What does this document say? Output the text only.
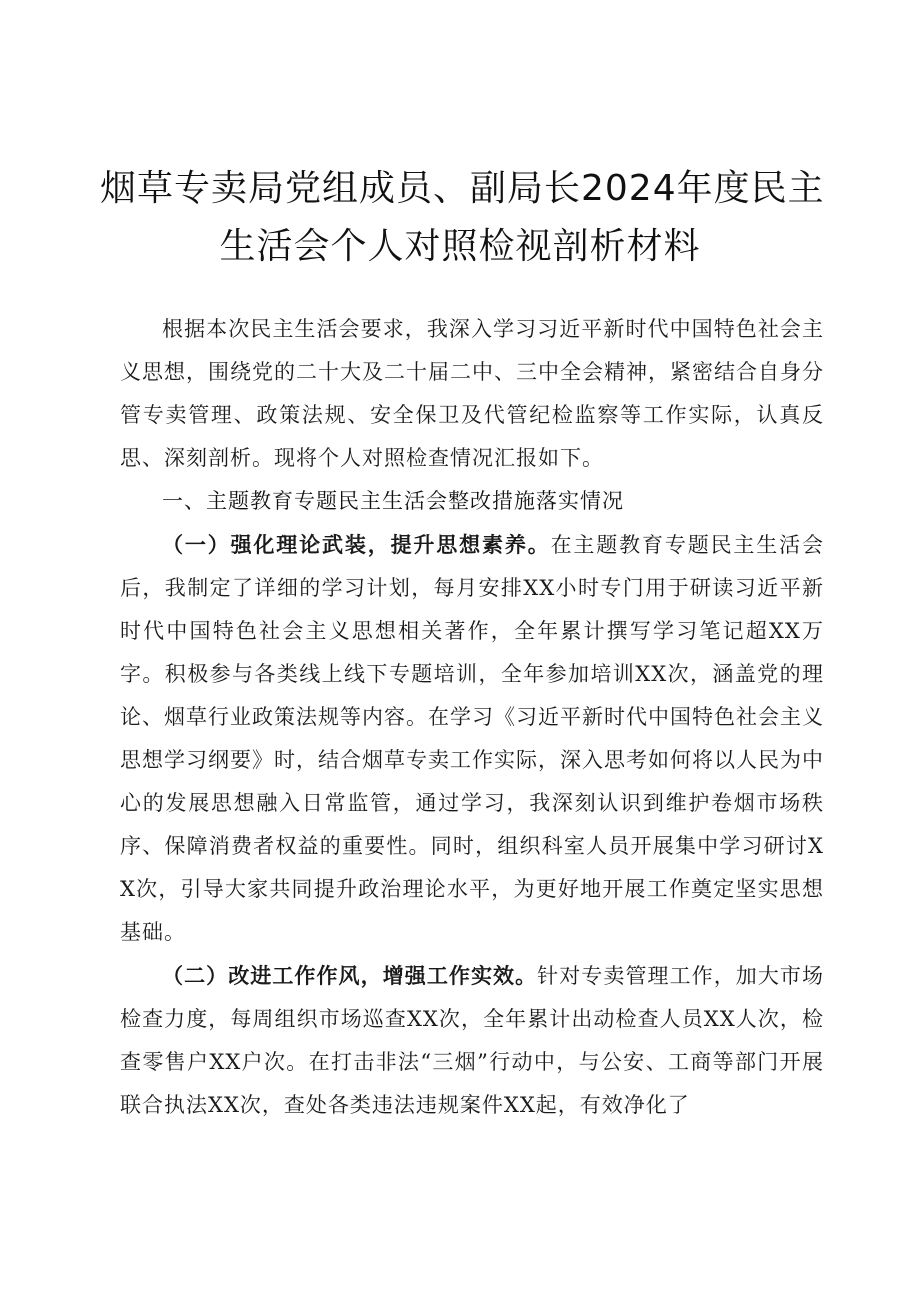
烟草专卖局党组成员、副局长2024年度民主
生活会个人对照检视剖析材料

根据本次民主生活会要求，我深入学习习近平新时代中国特色社会主义思想，围绕党的二十大及二十届二中、三中全会精神，紧密结合自身分管专卖管理、政策法规、安全保卫及代管纪检监察等工作实际，认真反思、深刻剖析。现将个人对照检查情况汇报如下。

一、主题教育专题民主生活会整改措施落实情况

（一）强化理论武装，提升思想素养。在主题教育专题民主生活会后，我制定了详细的学习计划，每月安排XX小时专门用于研读习近平新时代中国特色社会主义思想相关著作，全年累计撰写学习笔记超XX万字。积极参与各类线上线下专题培训，全年参加培训XX次，涵盖党的理论、烟草行业政策法规等内容。在学习《习近平新时代中国特色社会主义思想学习纲要》时，结合烟草专卖工作实际，深入思考如何将以人民为中心的发展思想融入日常监管，通过学习，我深刻认识到维护卷烟市场秩序、保障消费者权益的重要性。同时，组织科室人员开展集中学习研讨XX次，引导大家共同提升政治理论水平，为更好地开展工作奠定坚实思想基础。

（二）改进工作作风，增强工作实效。针对专卖管理工作，加大市场检查力度，每周组织市场巡查XX次，全年累计出动检查人员XX人次，检查零售户XX户次。在打击非法“三烟”行动中，与公安、工商等部门开展联合执法XX次，查处各类违法违规案件XX起，有效净化了
